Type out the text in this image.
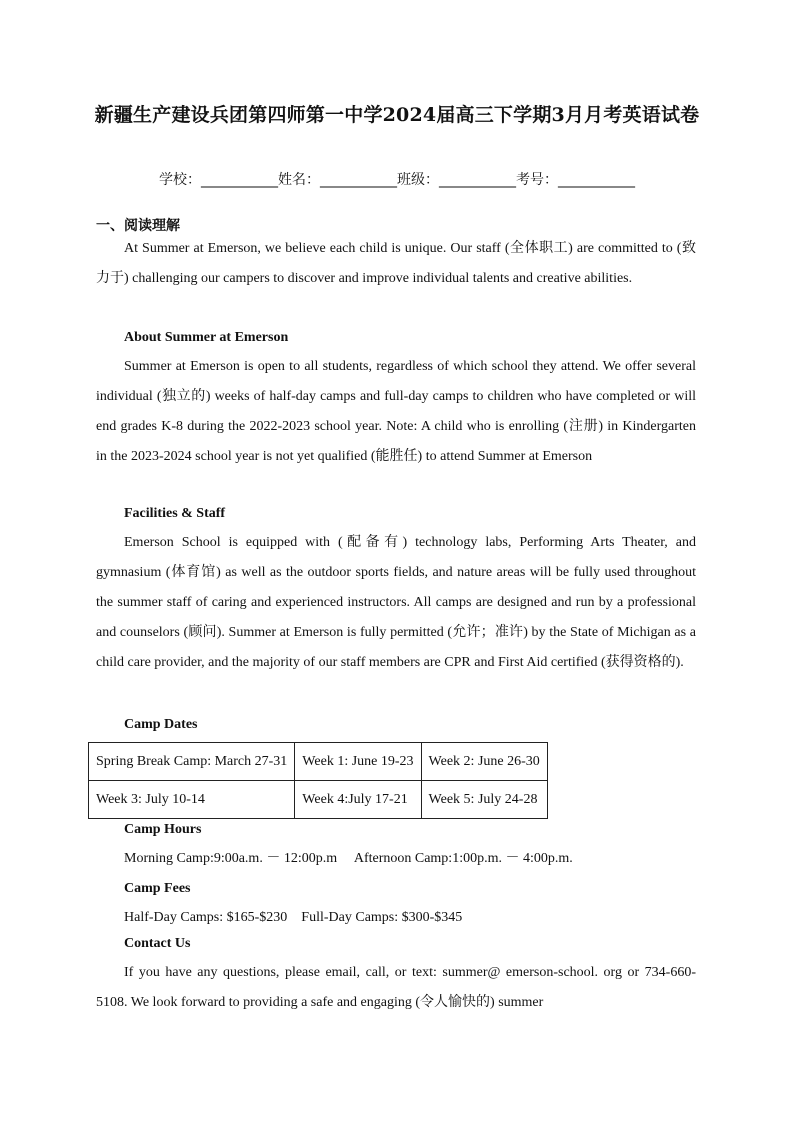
新疆生产建设兵团第四师第一中学2024届高三下学期3月月考英语试卷
学校：___________姓名：___________班级：___________考号：___________
一、阅读理解

At Summer at Emerson, we believe each child is unique. Our staff (全体职工) are committed to (致力于) challenging our campers to discover and improve individual talents and creative abilities.

About Summer at Emerson

Summer at Emerson is open to all students, regardless of which school they attend. We offer several individual (独立的) weeks of half-day camps and full-day camps to children who have completed or will end grades K-8 during the 2022-2023 school year. Note: A child who is enrolling (注册) in Kindergarten in the 2023-2024 school year is not yet qualified (能胜任) to attend Summer at Emerson

Facilities & Staff

Emerson School is equipped with (配备有) technology labs, Performing Arts Theater, and gymnasium (体育馆) as well as the outdoor sports fields, and nature areas will be fully used throughout the summer staff of caring and experienced instructors. All camps are designed and run by a professional and counselors (顾问). Summer at Emerson is fully permitted (允许；准许) by the State of Michigan as a child care provider, and the majority of our staff members are CPR and First Aid certified (获得资格的).

Camp Dates

Spring Break Camp: March 27-31	Week 1: June 19-23	Week 2: June 26-30
Week 3: July 10-14	Week 4:July 17-21	Week 5: July 24-28

Camp Hours

Morning Camp:9:00a.m. － 12:00p.m     Afternoon Camp:1:00p.m. － 4:00p.m.

Camp Fees

Half-Day Camps: $165-$230    Full-Day Camps: $300-$345

Contact Us

If you have any questions, please email, call, or text: summer@ emerson-school. org or 734-660-5108. We look forward to providing a safe and engaging (令人愉快的) summer
